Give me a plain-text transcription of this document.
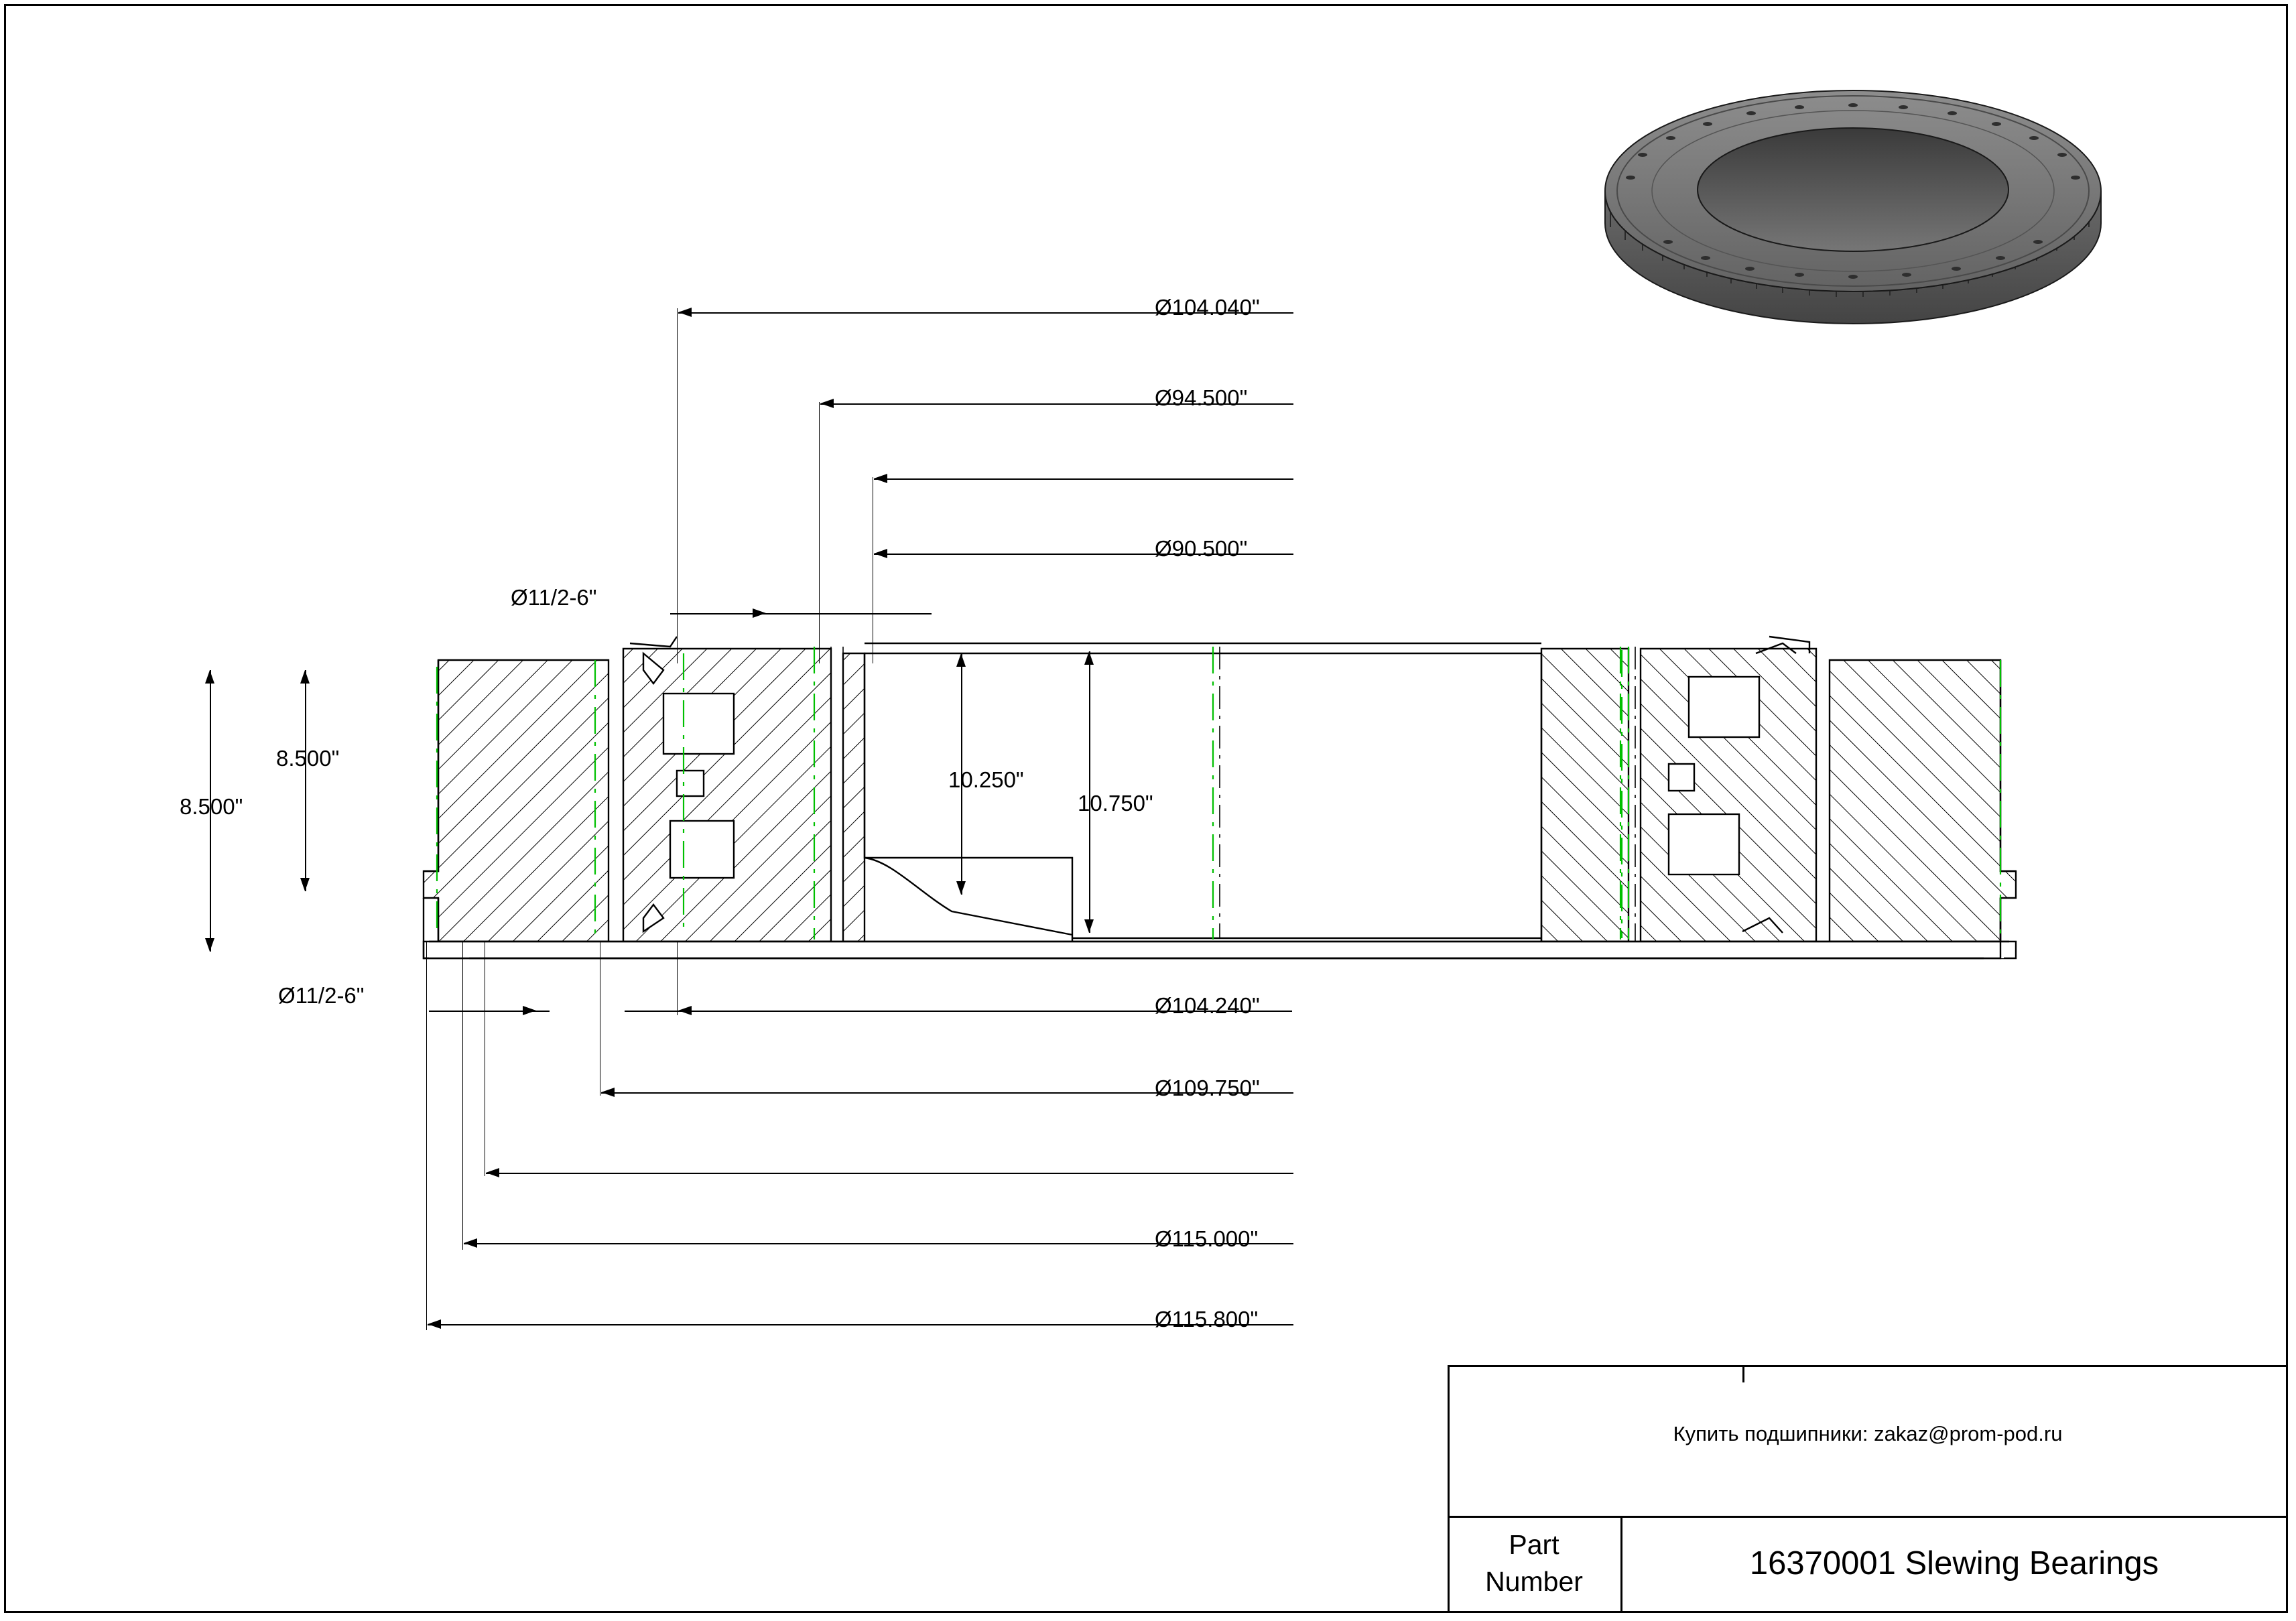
Ø104.040"
Ø94.500"
Ø90.500"
Ø11/2-6"
10.250"
10.750"
8.500"
8.500"
Ø11/2-6"	Ø104.240"
Ø109.750"
Ø115.000"
Ø115.800"
Купить подшипники: zakaz@prom-pod.ru
Part
Number	16370001 Slewing Bearings
